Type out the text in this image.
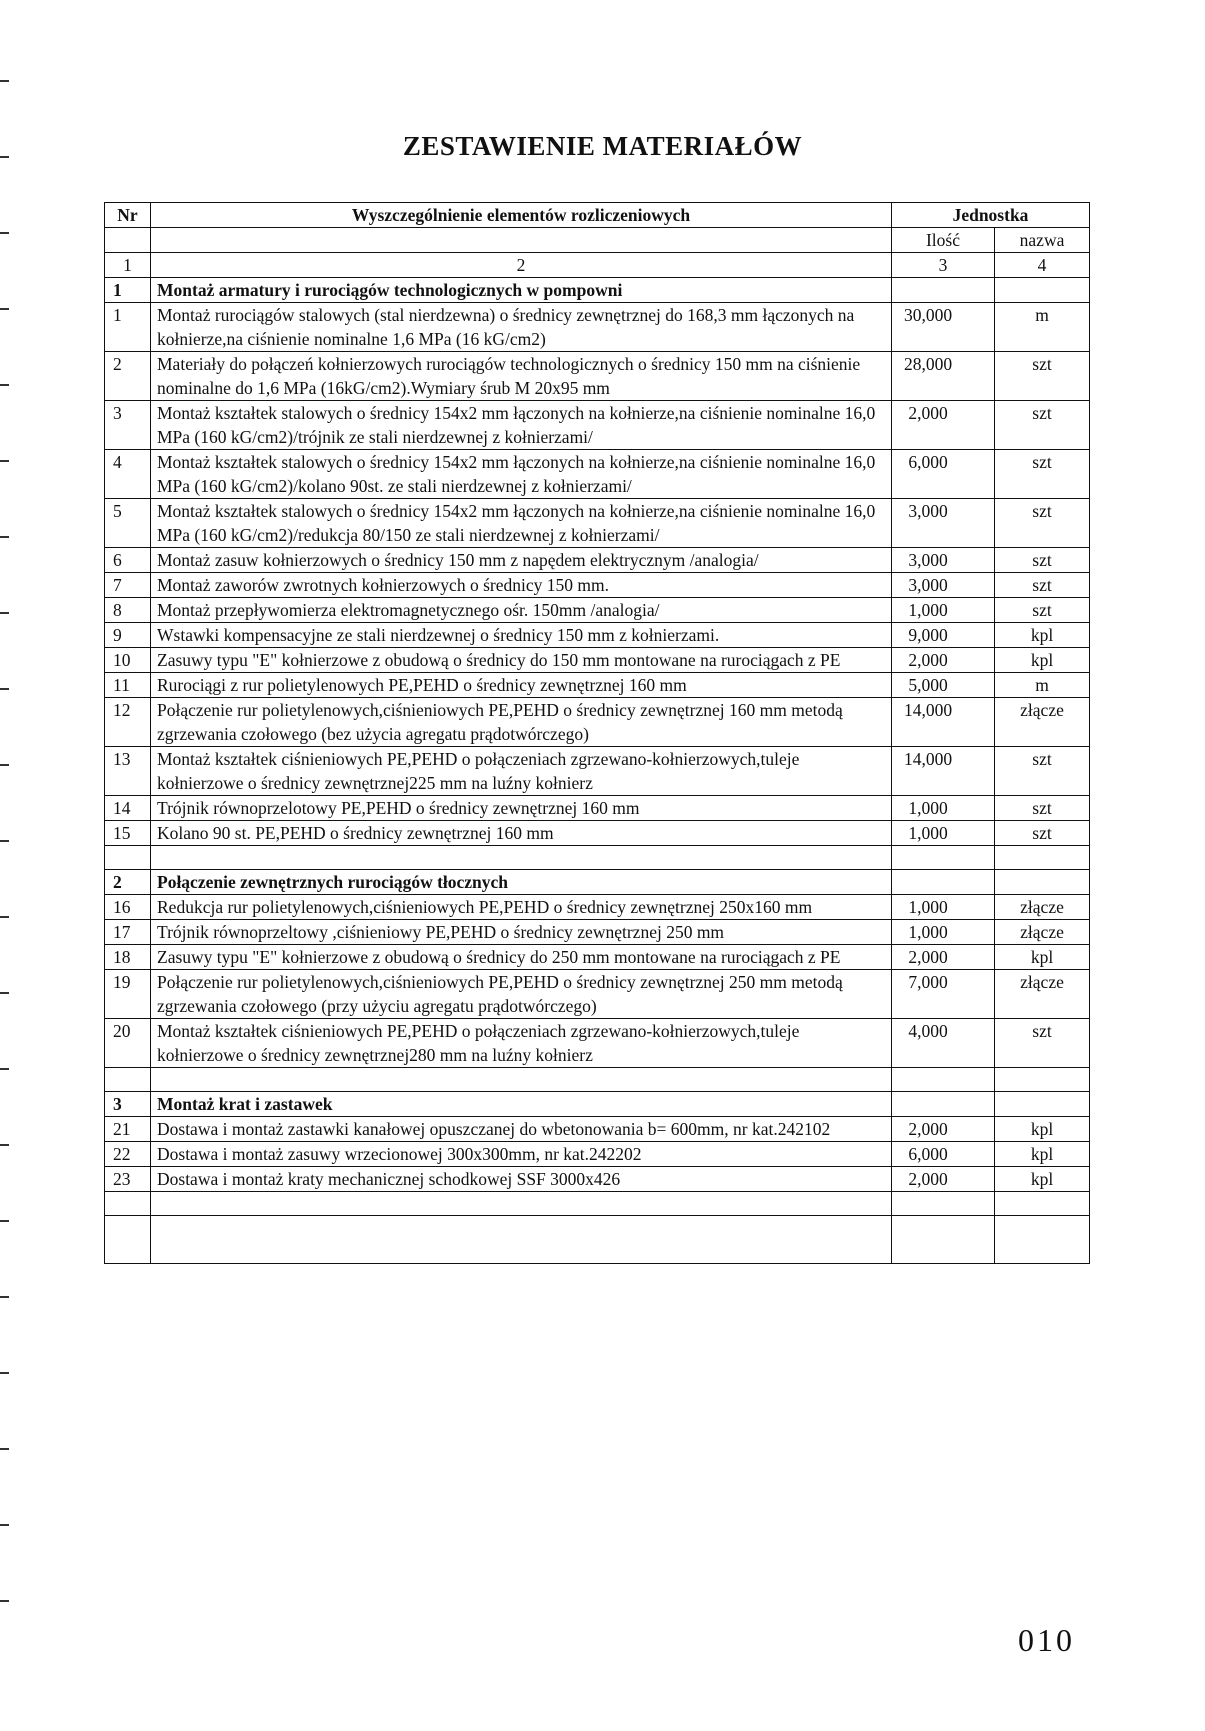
ZESTAWIENIE MATERIAŁÓW
Nr	Wyszczególnienie elementów rozliczeniowych	Jednostka	
		Ilość	nazwa
1	2	3	4
1	Montaż armatury i rurociągów technologicznych w pompowni		
1	Montaż rurociągów stalowych (stal nierdzewna) o średnicy zewnętrznej do 168,3 mm łączonych na kołnierze,na ciśnienie nominalne 1,6 MPa (16 kG/cm2)	30,000	m
2	Materiały do połączeń kołnierzowych rurociągów technologicznych o średnicy 150 mm na ciśnienie nominalne do 1,6 MPa (16kG/cm2).Wymiary śrub M 20x95 mm	28,000	szt
3	Montaż kształtek stalowych o średnicy 154x2 mm łączonych na kołnierze,na ciśnienie nominalne 16,0 MPa (160 kG/cm2)/trójnik ze stali nierdzewnej z kołnierzami/	2,000	szt
4	Montaż kształtek stalowych o średnicy 154x2 mm łączonych na kołnierze,na ciśnienie nominalne 16,0 MPa (160 kG/cm2)/kolano 90st. ze stali nierdzewnej z kołnierzami/	6,000	szt
5	Montaż kształtek stalowych o średnicy 154x2 mm łączonych na kołnierze,na ciśnienie nominalne 16,0 MPa (160 kG/cm2)/redukcja 80/150 ze stali nierdzewnej z kołnierzami/	3,000	szt
6	Montaż zasuw kołnierzowych o średnicy 150 mm z napędem elektrycznym /analogia/	3,000	szt
7	Montaż zaworów zwrotnych kołnierzowych o średnicy 150 mm.	3,000	szt
8	Montaż przepływomierza elektromagnetycznego ośr. 150mm /analogia/	1,000	szt
9	Wstawki kompensacyjne ze stali nierdzewnej o średnicy 150 mm z kołnierzami.	9,000	kpl
10	Zasuwy typu "E" kołnierzowe z obudową o średnicy do 150 mm montowane na rurociągach z PE	2,000	kpl
11	Rurociągi z rur polietylenowych PE,PEHD o średnicy zewnętrznej 160 mm	5,000	m
12	Połączenie rur polietylenowych,ciśnieniowych PE,PEHD o średnicy zewnętrznej 160 mm metodą zgrzewania czołowego (bez użycia agregatu prądotwórczego)	14,000	złącze
13	Montaż kształtek ciśnieniowych PE,PEHD o połączeniach zgrzewano-kołnierzowych,tuleje kołnierzowe o średnicy zewnętrznej225 mm na luźny kołnierz	14,000	szt
14	Trójnik równoprzelotowy PE,PEHD o średnicy zewnętrznej 160 mm	1,000	szt
15	Kolano 90 st. PE,PEHD o średnicy zewnętrznej 160 mm	1,000	szt

2	Połączenie zewnętrznych rurociągów tłocznych		
16	Redukcja rur polietylenowych,ciśnieniowych PE,PEHD o średnicy zewnętrznej 250x160 mm	1,000	złącze
17	Trójnik równoprzeltowy ,ciśnieniowy PE,PEHD o średnicy zewnętrznej 250 mm	1,000	złącze
18	Zasuwy typu "E" kołnierzowe z obudową o średnicy do 250 mm montowane na rurociągach z PE	2,000	kpl
19	Połączenie rur polietylenowych,ciśnieniowych PE,PEHD o średnicy zewnętrznej 250 mm metodą zgrzewania czołowego (przy użyciu agregatu prądotwórczego)	7,000	złącze
20	Montaż kształtek ciśnieniowych PE,PEHD o połączeniach zgrzewano-kołnierzowych,tuleje kołnierzowe o średnicy zewnętrznej280 mm na luźny kołnierz	4,000	szt

3	Montaż krat i zastawek		
21	Dostawa i montaż zastawki kanałowej opuszczanej do wbetonowania b= 600mm, nr kat.242102	2,000	kpl
22	Dostawa i montaż zasuwy wrzecionowej 300x300mm, nr kat.242202	6,000	kpl
23	Dostawa i montaż kraty mechanicznej schodkowej SSF 3000x426	2,000	kpl

010
